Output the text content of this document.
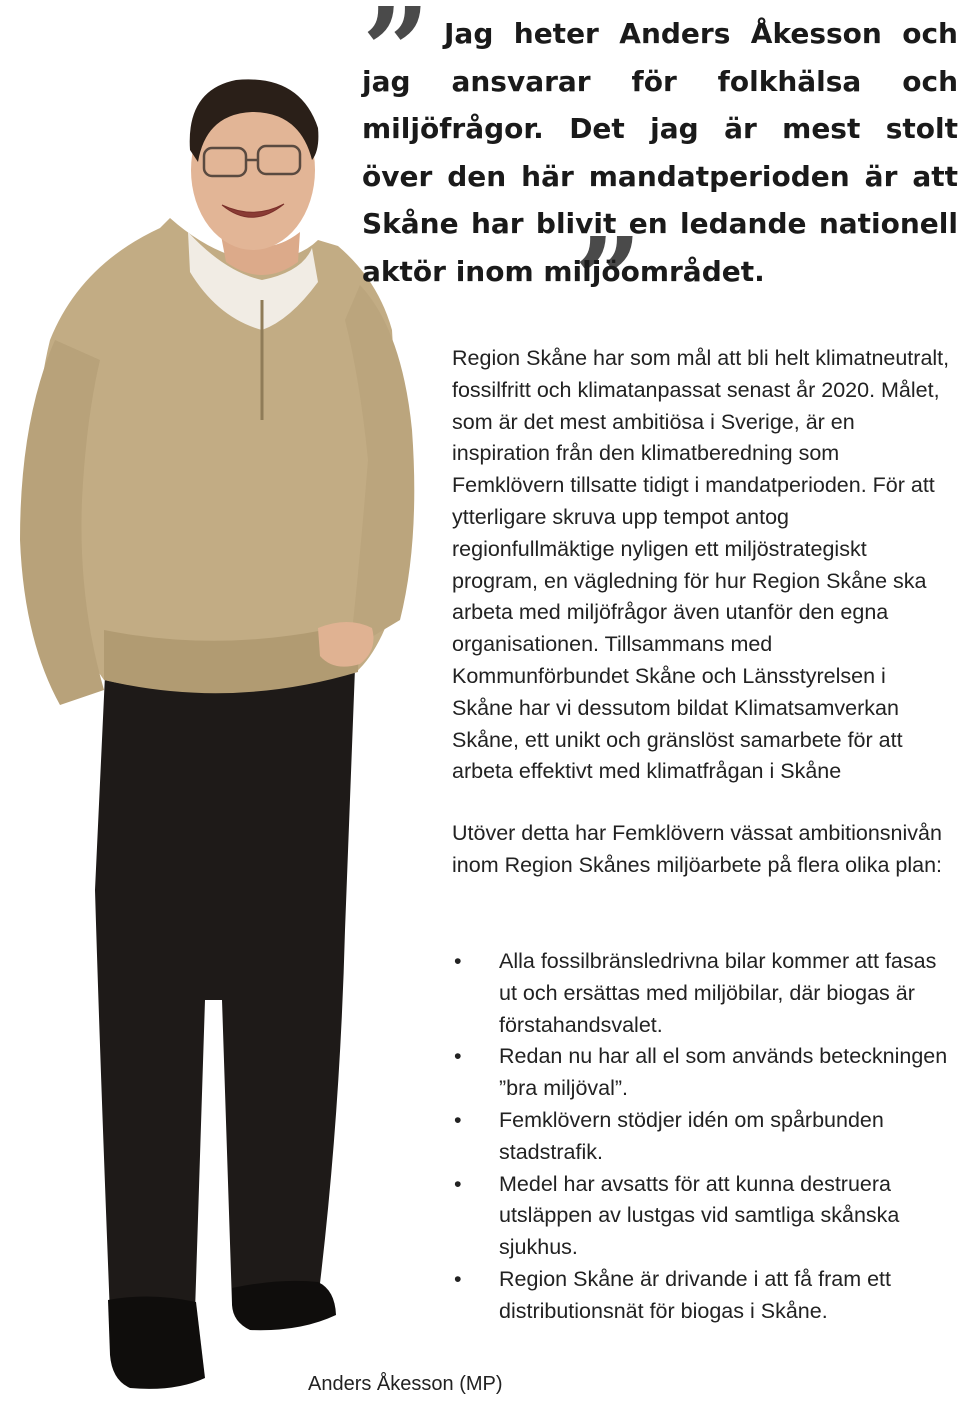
”
”

Jag heter Anders Åkesson och jag ansvarar för folkhälsa och miljöfrågor. Det jag är mest stolt över den här mandatperioden är att Skåne har blivit en ledande nationell aktör inom miljöområdet.

Region Skåne har som mål att bli helt klimatneutralt, fossilfritt och klimatanpassat senast år 2020. Målet, som är det mest ambitiösa i Sverige, är en inspiration från den klimatberedning som Femklövern tillsatte tidigt i mandatperioden. För att ytterligare skruva upp tempot antog regionfullmäktige nyligen ett miljöstrategiskt program, en vägledning för hur Region Skåne ska arbeta med miljöfrågor även utanför den egna organisationen. Tillsammans med Kommunförbundet Skåne och Länsstyrelsen i Skåne har vi dessutom bildat Klimatsamverkan Skåne, ett unikt och gränslöst samarbete för att arbeta effektivt med klimatfrågan i Skåne

Utöver detta har Femklövern vässat ambitionsnivån inom Region Skånes miljöarbete på flera olika plan:

• Alla fossilbränsledrivna bilar kommer att fasas ut och ersättas med miljöbilar, där biogas är förstahandsvalet.
• Redan nu har all el som används beteckningen ”bra miljöval”.
• Femklövern stödjer idén om spårbunden stadstrafik.
• Medel har avsatts för att kunna destruera utsläppen av lustgas vid samtliga skånska sjukhus.
• Region Skåne är drivande i att få fram ett distributionsnät för biogas i Skåne.

Anders Åkesson (MP)
